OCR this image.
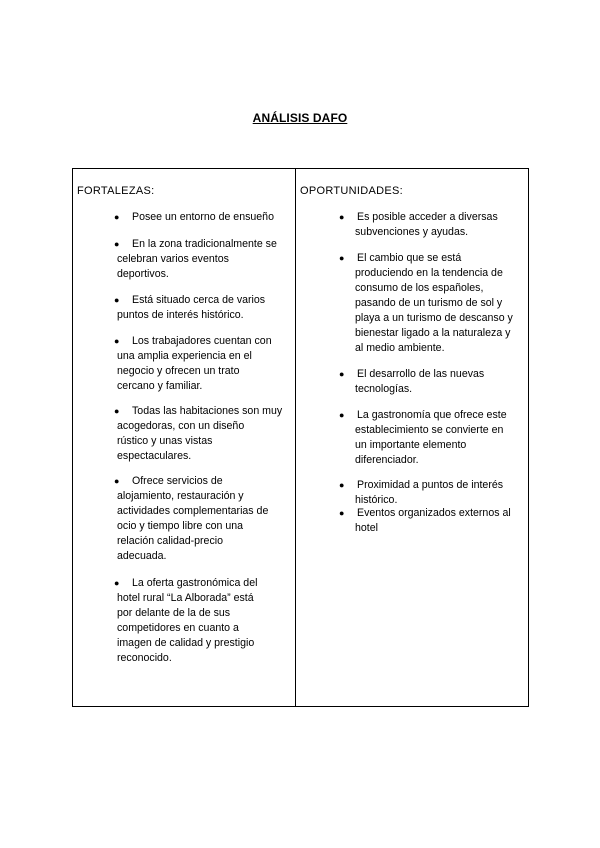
ANÁLISIS DAFO
FORTALEZAS:
● Posee un entorno de ensueño
● En la zona tradicionalmente se
celebran varios eventos
deportivos.
● Está situado cerca de varios
puntos de interés histórico.
● Los trabajadores cuentan con
una amplia experiencia en el
negocio y ofrecen un trato
cercano y familiar.
● Todas las habitaciones son muy
acogedoras, con un diseño
rústico y unas vistas
espectaculares.
● Ofrece servicios de
alojamiento, restauración y
actividades complementarias de
ocio y tiempo libre con una
relación calidad-precio
adecuada.
● La oferta gastronómica del
hotel rural “La Alborada” está
por delante de la de sus
competidores en cuanto a
imagen de calidad y prestigio
reconocido.
OPORTUNIDADES:
● Es posible acceder a diversas
subvenciones y ayudas.
● El cambio que se está
produciendo en la tendencia de
consumo de los españoles,
pasando de un turismo de sol y
playa a un turismo de descanso y
bienestar ligado a la naturaleza y
al medio ambiente.
● El desarrollo de las nuevas
tecnologías.
● La gastronomía que ofrece este
establecimiento se convierte en
un importante elemento
diferenciador.
● Proximidad a puntos de interés
histórico.
● Eventos organizados externos al
hotel
